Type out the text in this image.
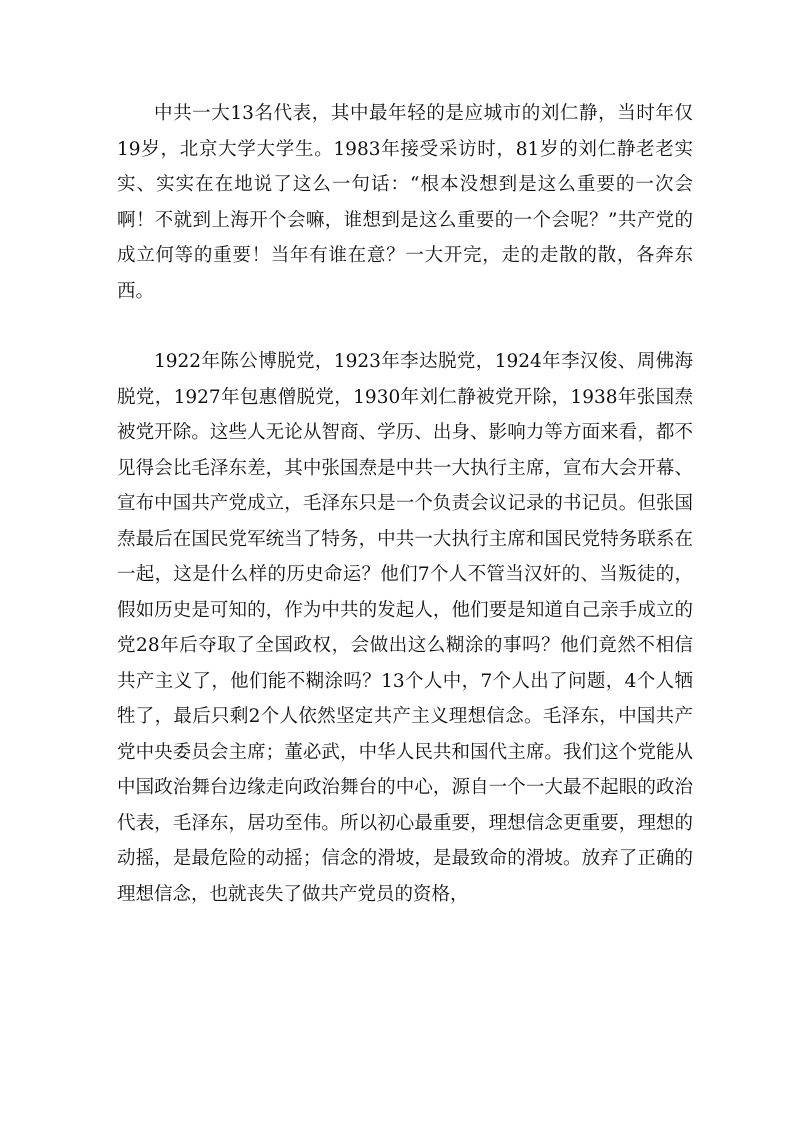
中共一大13名代表，其中最年轻的是应城市的刘仁静，当时年仅19岁，北京大学大学生。1983年接受采访时，81岁的刘仁静老老实实、实实在在地说了这么一句话：“根本没想到是这么重要的一次会啊！不就到上海开个会嘛，谁想到是这么重要的一个会呢？”共产党的成立何等的重要！当年有谁在意？一大开完，走的走散的散，各奔东西。

1922年陈公博脱党，1923年李达脱党，1924年李汉俊、周佛海脱党，1927年包惠僧脱党，1930年刘仁静被党开除，1938年张国焘被党开除。这些人无论从智商、学历、出身、影响力等方面来看，都不见得会比毛泽东差，其中张国焘是中共一大执行主席，宣布大会开幕、宣布中国共产党成立，毛泽东只是一个负责会议记录的书记员。但张国焘最后在国民党军统当了特务，中共一大执行主席和国民党特务联系在一起，这是什么样的历史命运？他们7个人不管当汉奸的、当叛徒的，假如历史是可知的，作为中共的发起人，他们要是知道自己亲手成立的党28年后夺取了全国政权，会做出这么糊涂的事吗？他们竟然不相信共产主义了，他们能不糊涂吗？13个人中，7个人出了问题，4个人牺牲了，最后只剩2个人依然坚定共产主义理想信念。毛泽东，中国共产党中央委员会主席；董必武，中华人民共和国代主席。我们这个党能从中国政治舞台边缘走向政治舞台的中心，源自一个一大最不起眼的政治代表，毛泽东，居功至伟。所以初心最重要，理想信念更重要，理想的动摇，是最危险的动摇；信念的滑坡，是最致命的滑坡。放弃了正确的理想信念，也就丧失了做共产党员的资格，
